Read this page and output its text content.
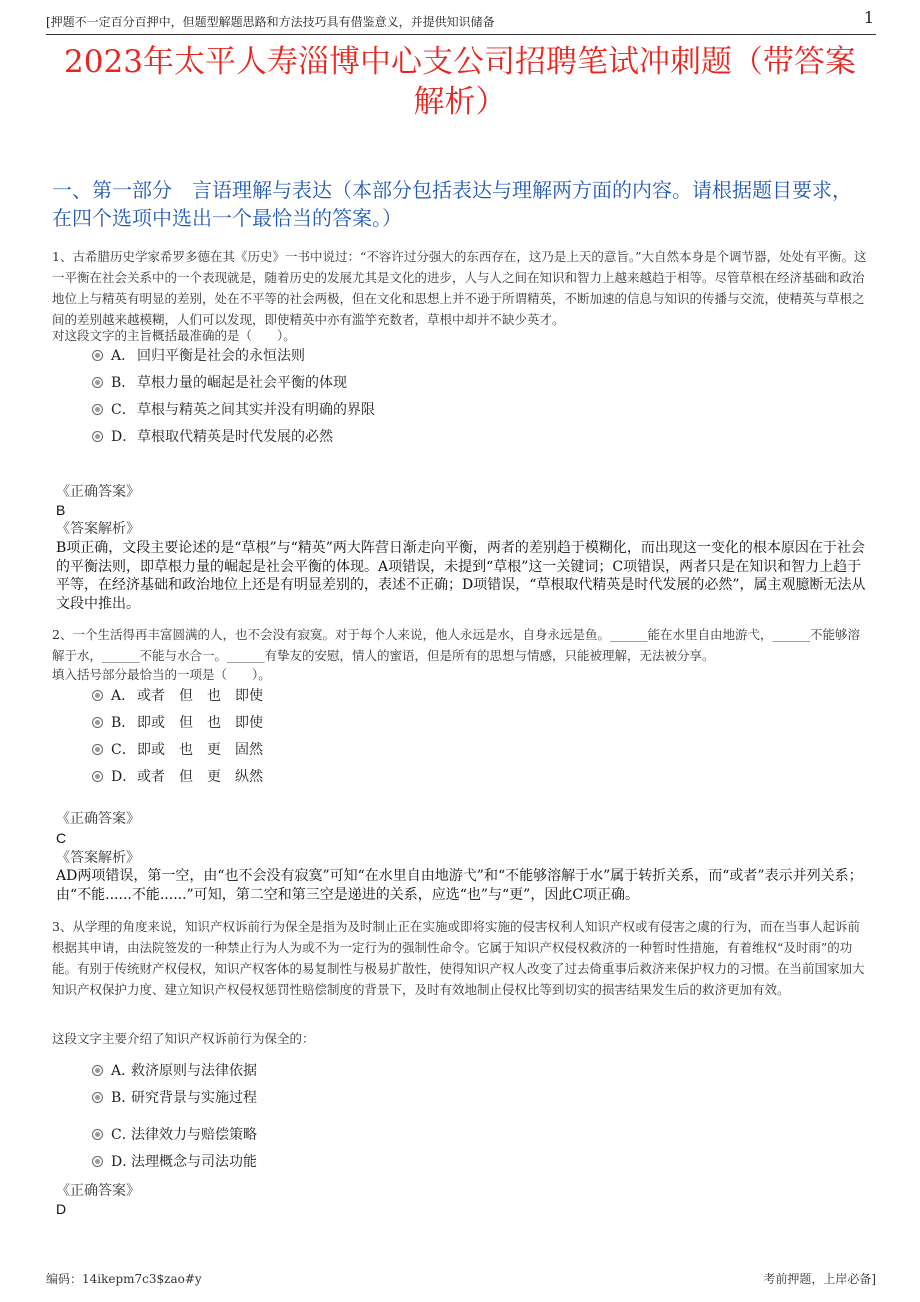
[押题不一定百分百押中，但题型解题思路和方法技巧具有借鉴意义，并提供知识储备	1
2023年太平人寿淄博中心支公司招聘笔试冲刺题（带答案解析）
一、第一部分　言语理解与表达（本部分包括表达与理解两方面的内容。请根据题目要求，在四个选项中选出一个最恰当的答案。）
1、古希腊历史学家希罗多德在其《历史》一书中说过：“不容许过分强大的东西存在，这乃是上天的意旨。”大自然本身是个调节器，处处有平衡。这一平衡在社会关系中的一个表现就是，随着历史的发展尤其是文化的进步，人与人之间在知识和智力上越来越趋于相等。尽管草根在经济基础和政治地位上与精英有明显的差别，处在不平等的社会两极，但在文化和思想上并不逊于所谓精英，不断加速的信息与知识的传播与交流，使精英与草根之间的差别越来越模糊，人们可以发现，即使精英中亦有滥竽充数者，草根中却并不缺少英才。
对这段文字的主旨概括最准确的是（　　）。
A． 回归平衡是社会的永恒法则
B． 草根力量的崛起是社会平衡的体现
C．草根与精英之间其实并没有明确的界限
D．草根取代精英是时代发展的必然
《正确答案》
B
《答案解析》
B项正确，文段主要论述的是“草根”与“精英”两大阵营日渐走向平衡，两者的差别趋于模糊化，而出现这一变化的根本原因在于社会的平衡法则，即草根力量的崛起是社会平衡的体现。A项错误，未提到“草根”这一关键词；C项错误，两者只是在知识和智力上趋于平等，在经济基础和政治地位上还是有明显差别的，表述不正确；D项错误，“草根取代精英是时代发展的必然”，属主观臆断无法从文段中推出。
2、一个生活得再丰富圆满的人，也不会没有寂寞。对于每个人来说，他人永远是水，自身永远是鱼。______能在水里自由地游弋，______不能够溶解于水，______不能与水合一。______有挚友的安慰，情人的蜜语，但是所有的思想与情感，只能被理解，无法被分享。
填入括号部分最恰当的一项是（　　）。
A． 或者　但　也　即使
B． 即或　但　也　即使
C．即或　也　更　固然
D．或者　但　更　纵然
《正确答案》
C
《答案解析》
AD两项错误，第一空，由“也不会没有寂寞”可知“在水里自由地游弋”和“不能够溶解于水”属于转折关系，而“或者”表示并列关系；由“不能......不能......”可知，第二空和第三空是递进的关系，应选“也”与“更”，因此C项正确。
3、从学理的角度来说，知识产权诉前行为保全是指为及时制止正在实施或即将实施的侵害权利人知识产权或有侵害之虞的行为，而在当事人起诉前根据其申请，由法院签发的一种禁止行为人为或不为一定行为的强制性命令。它属于知识产权侵权救济的一种暂时性措施，有着维权“及时雨”的功能。有别于传统财产权侵权，知识产权客体的易复制性与极易扩散性，使得知识产权人改变了过去倚重事后救济来保护权力的习惯。在当前国家加大知识产权保护力度、建立知识产权侵权惩罚性赔偿制度的背景下，及时有效地制止侵权比等到切实的损害结果发生后的救济更加有效。
这段文字主要介绍了知识产权诉前行为保全的：
A．救济原则与法律依据
B．研究背景与实施过程
C．法律效力与赔偿策略
D．法理概念与司法功能
《正确答案》
D
编码：14ikepm7c3$zao#y	考前押题，上岸必备]
